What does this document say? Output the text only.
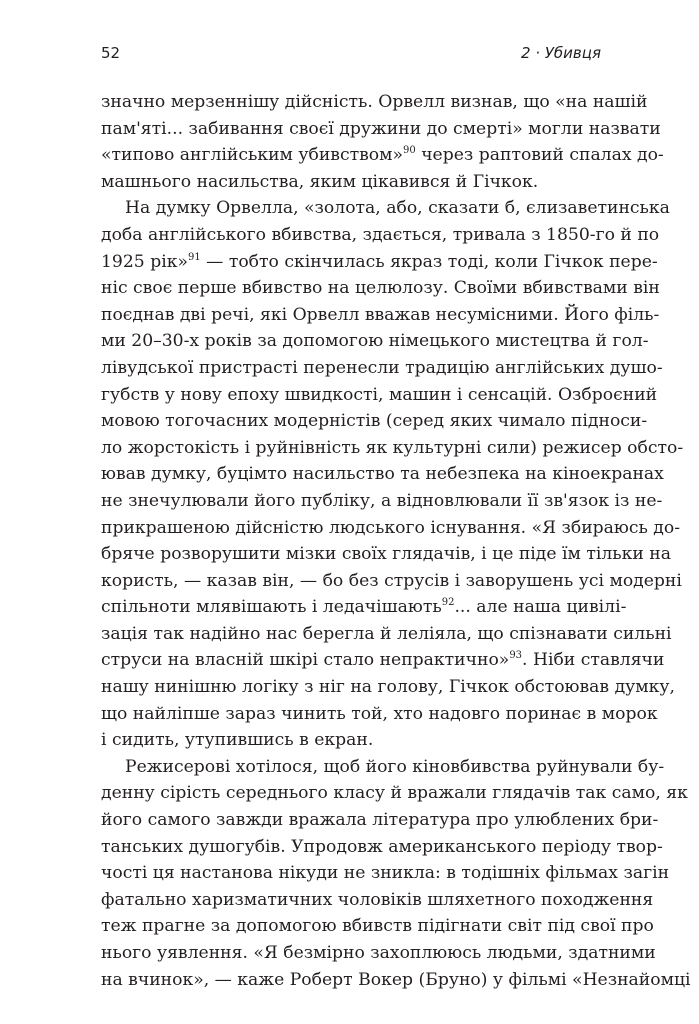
52	2 · Убивця
значно мерзеннішу дійсність. Орвелл визнав, що «на нашій
пам'яті... забивання своєї дружини до смерті» могли назвати
«типово англійським убивством»$^{90}$ через раптовий спалах до-
машнього насильства, яким цікавився й Гічкок.
На думку Орвелла, «золота, або, сказати б, єлизаветинська
доба англійського вбивства, здається, тривала з 1850-го й по
1925 рік»$^{91}$ — тобто скінчилась якраз тоді, коли Гічкок пере-
ніс своє перше вбивство на целюлозу. Своїми вбивствами він
поєднав дві речі, які Орвелл вважав несумісними. Його філь-
ми 20–30-х років за допомогою німецького мистецтва й гол-
лівудської пристрасті перенесли традицію англійських душо-
губств у нову епоху швидкості, машин і сенсацій. Озброєний
мовою тогочасних модерністів (серед яких чимало підноси-
ло жорстокість і руйнівність як культурні сили) режисер обсто-
ював думку, буцімто насильство та небезпека на кіноекранах
не знечулювали його публіку, а відновлювали її зв'язок із не-
прикрашеною дійсністю людського існування. «Я збираюсь до-
бряче розворушити мізки своїх глядачів, і це піде їм тільки на
користь, — казав він, — бо без струсів і заворушень усі модерні
спільноти млявішають і ледачішають$^{92}$... але наша цивілі-
зація так надійно нас берегла й леліяла, що спізнавати сильні
струси на власній шкірі стало непрактично»$^{93}$. Ніби ставлячи
нашу нинішню логіку з ніг на голову, Гічкок обстоював думку,
що найліпше зараз чинить той, хто надовго поринає в морок
і сидить, утупившись в екран.
Режисерові хотілося, щоб його кіновбивства руйнували бу-
денну сірість середнього класу й вражали глядачів так само, як
його самого завжди вражала література про улюблених бри-
танських душогубів. Упродовж американського періоду твор-
чості ця настанова нікуди не зникла: в тодішніх фільмах загін
фатально харизматичних чоловіків шляхетного походження
теж прагне за допомогою вбивств підігнати світ під свої про
нього уявлення. «Я безмірно захоплююсь людьми, здатними
на вчинок», — каже Роберт Вокер (Бруно) у фільмі «Незнайомці
